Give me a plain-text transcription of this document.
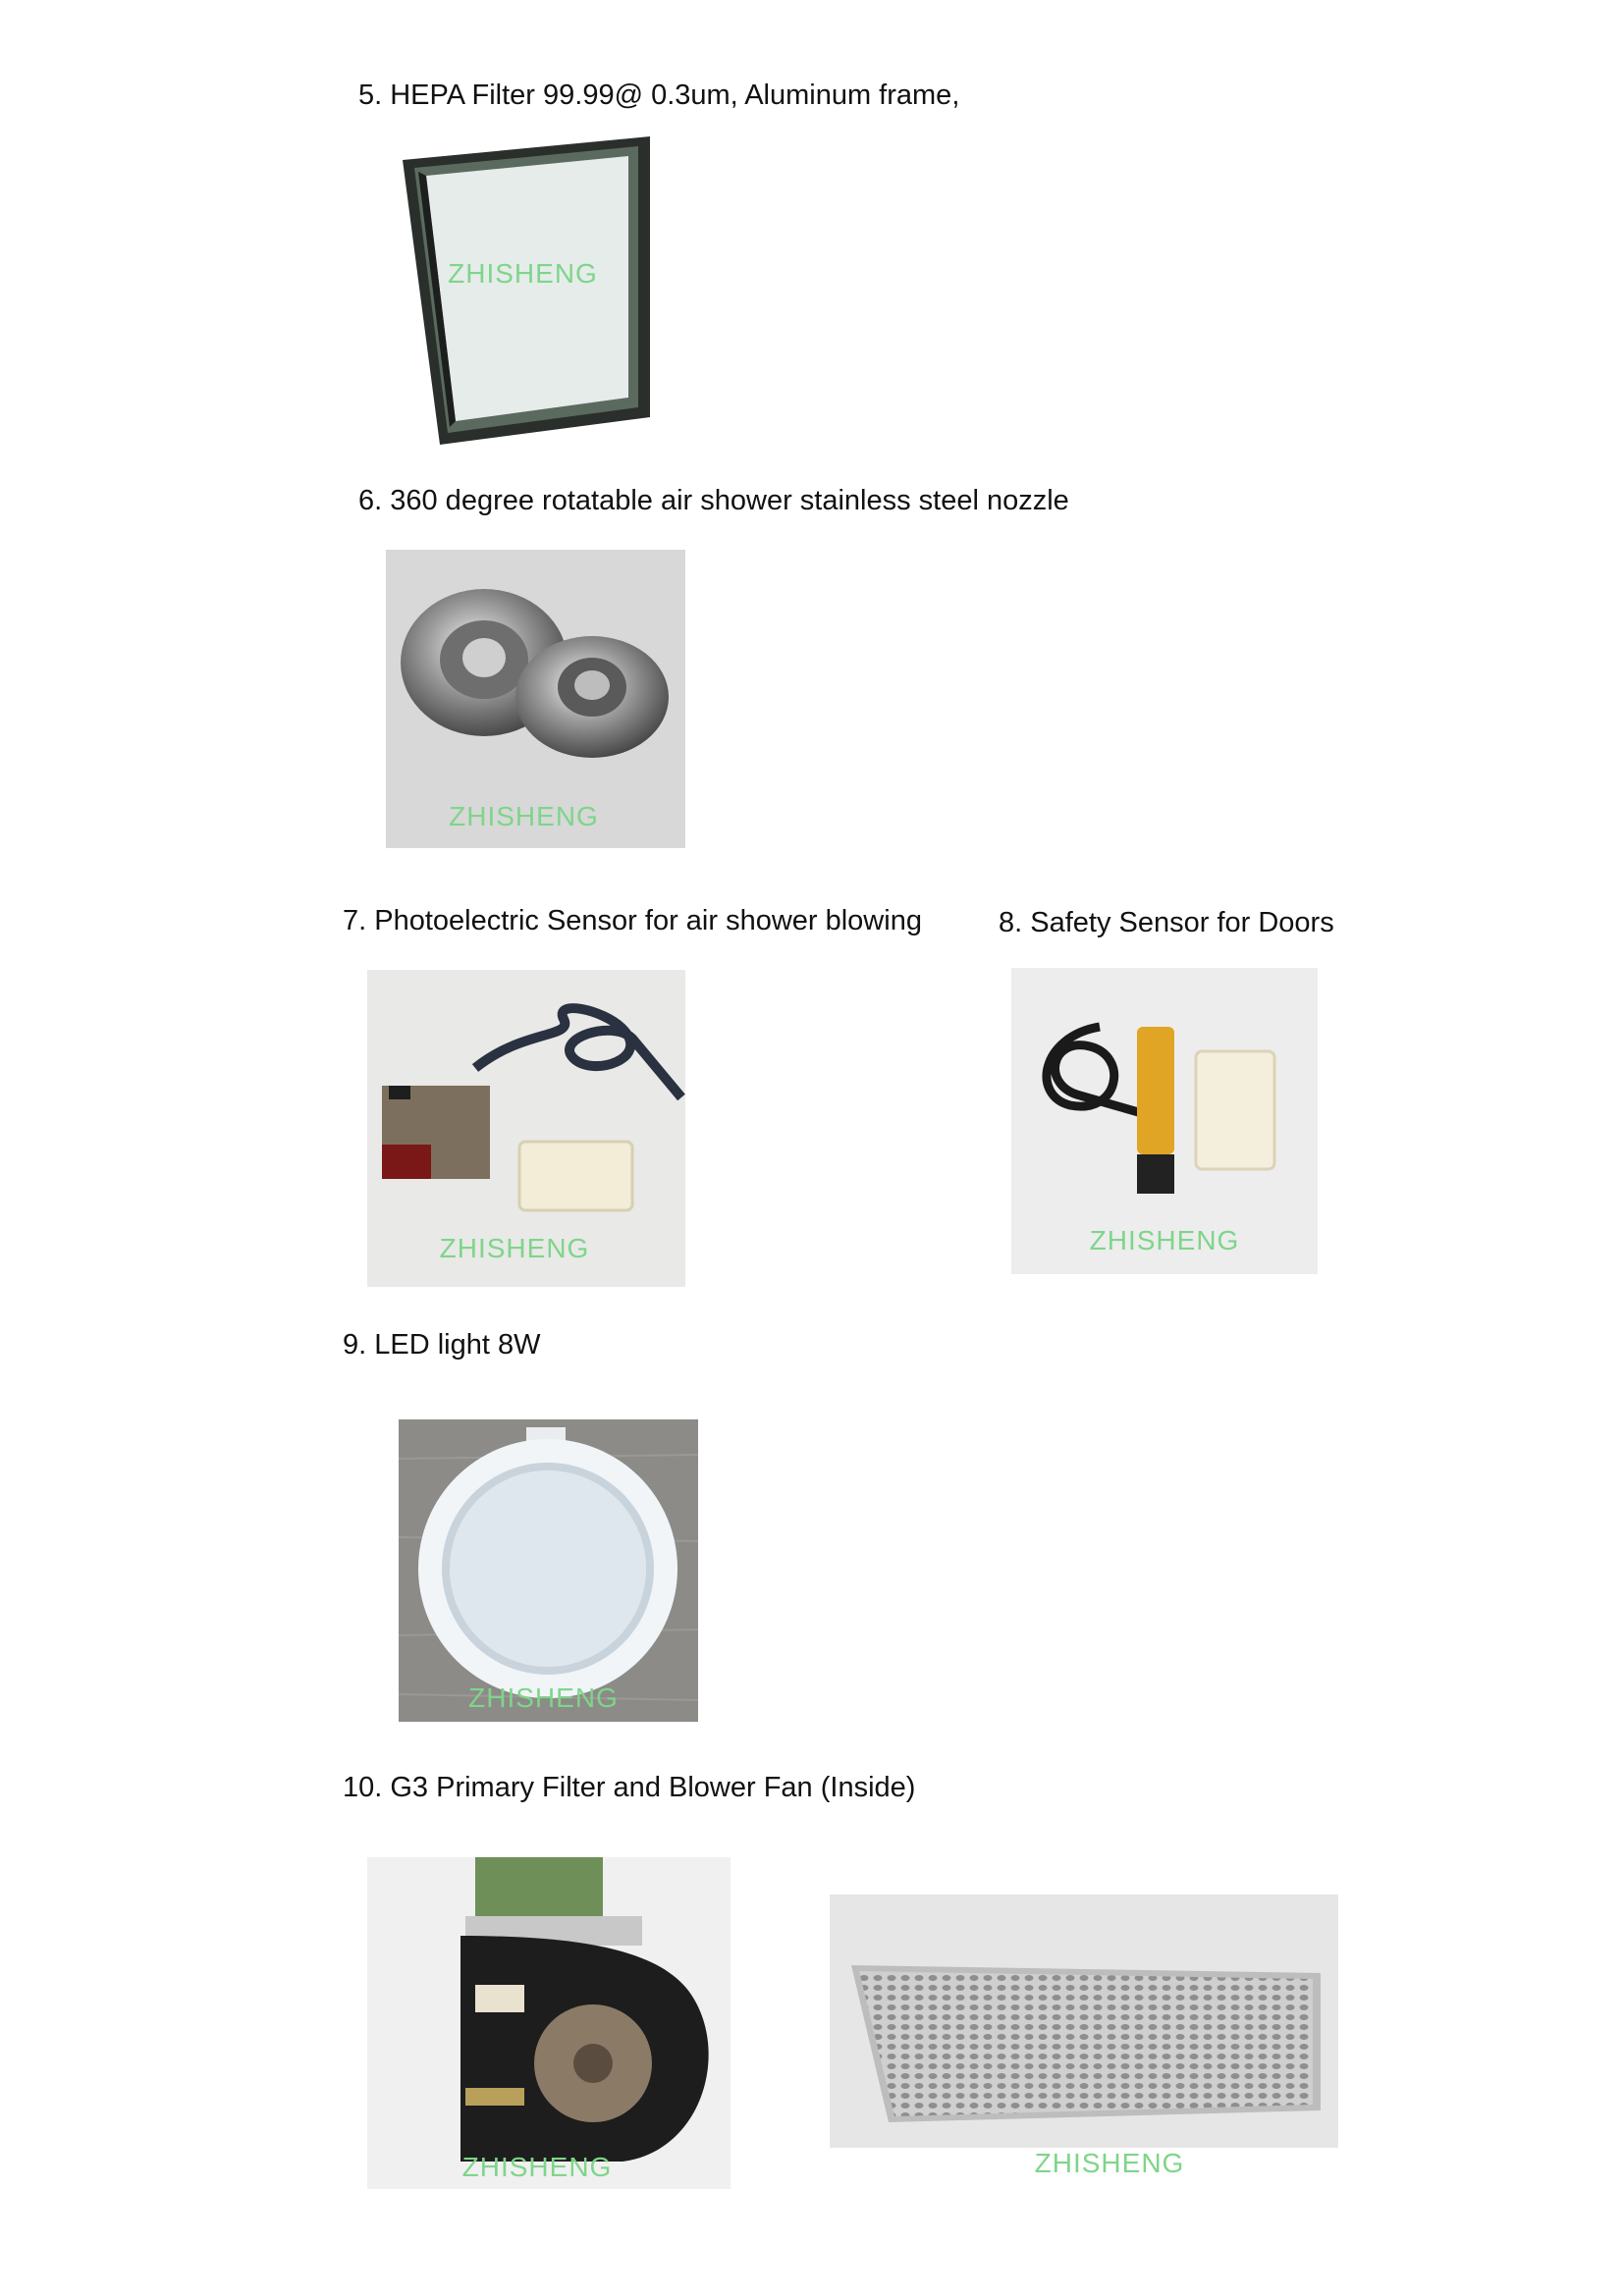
5. HEPA Filter 99.99@ 0.3um, Aluminum frame,
ZHISHENG
6. 360 degree rotatable air shower stainless steel nozzle
ZHISHENG
7. Photoelectric Sensor for air shower blowing
ZHISHENG
8. Safety Sensor for Doors
ZHISHENG
9. LED light 8W
ZHISHENG
10. G3 Primary Filter and Blower Fan (Inside)
ZHISHENG	ZHISHENG
